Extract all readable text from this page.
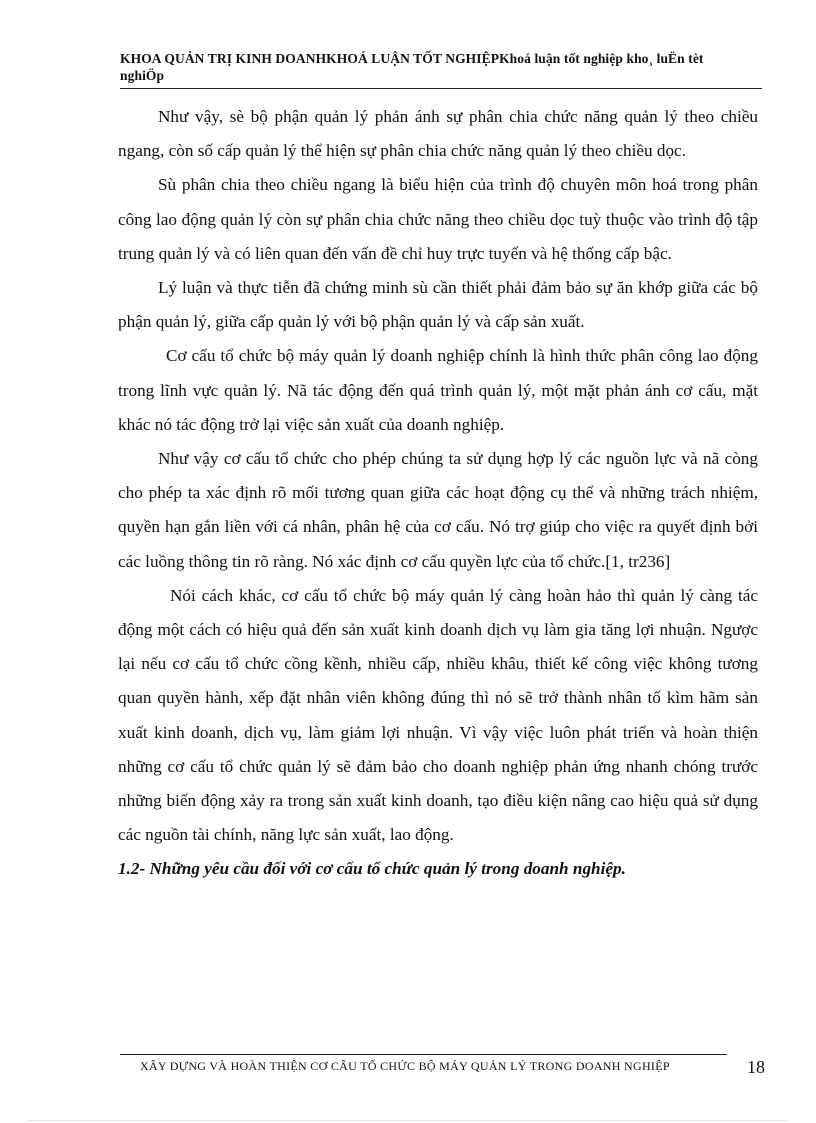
KHOA QUẢN TRỊ KINH DOANHKHOÁ LUẬN TỐT NGHIỆPKhoá luận tốt nghiệp kho¸ luËn tèt
nghiÖp

Như vậy, sè bộ phận quản lý phản ánh sự phân chia chức năng quản lý theo chiều ngang, còn số cấp quản lý thể hiện sự phân chia chức năng quản lý theo chiều dọc.

Sù phân chia theo chiều ngang là biểu hiện của trình độ chuyên môn hoá trong phân công lao động quản lý còn sự phân chia chức năng theo chiều dọc tuỳ thuộc vào trình độ tập trung quản lý và có liên quan đến vấn đề chỉ huy trực tuyến và hệ thống cấp bậc.

Lý luận và thực tiễn đã chứng minh sù cần thiết phải đảm bảo sự ăn khớp giữa các bộ phận quản lý, giữa cấp quản lý với bộ phận quản lý và cấp sản xuất.

Cơ cấu tổ chức bộ máy quản lý doanh nghiệp chính là hình thức phân công lao động trong lĩnh vực quản lý. Nã tác động đến quá trình quản lý, một mặt phản ánh cơ cấu, mặt khác nó tác động trở lại việc sản xuất của doanh nghiệp.

Như vậy cơ cấu tổ chức cho phép chúng ta sử dụng hợp lý các nguồn lực và nã còng cho phép ta xác định rõ mối tương quan giữa các hoạt động cụ thể và những trách nhiệm, quyền hạn gắn liền với cá nhân, phân hệ của cơ cấu. Nó trợ giúp cho việc ra quyết định bởi các luồng thông tin rõ ràng. Nó xác định cơ cấu quyền lực của tổ chức.[1, tr236]

Nói cách khác, cơ cấu tổ chức bộ máy quản lý càng hoàn hảo thì quản lý càng tác động một cách có hiệu quả đến sản xuất kinh doanh dịch vụ làm gia tăng lợi nhuận. Ngược lại nếu cơ cấu tổ chức cồng kềnh, nhiều cấp, nhiều khâu, thiết kế công việc không tương quan quyền hành, xếp đặt nhân viên không đúng thì nó sẽ trở thành nhân tố kìm hãm sản xuất kinh doanh, dịch vụ, làm giảm lợi nhuận. Vì vậy việc luôn phát triển và hoàn thiện những cơ cấu tổ chức quản lý sẽ đảm bảo cho doanh nghiệp phản ứng nhanh chóng trước những biến động xảy ra trong sản xuất kinh doanh, tạo điều kiện nâng cao hiệu quả sử dụng các nguồn tài chính, năng lực sản xuất, lao động.

1.2- Những yêu cầu đối với cơ cấu tổ chức quản lý trong doanh nghiệp.

XÂY DỰNG VÀ HOÀN THIỆN CƠ CẤU TỔ CHỨC BỘ MÁY QUẢN LÝ TRONG DOANH NGHIỆP	18
